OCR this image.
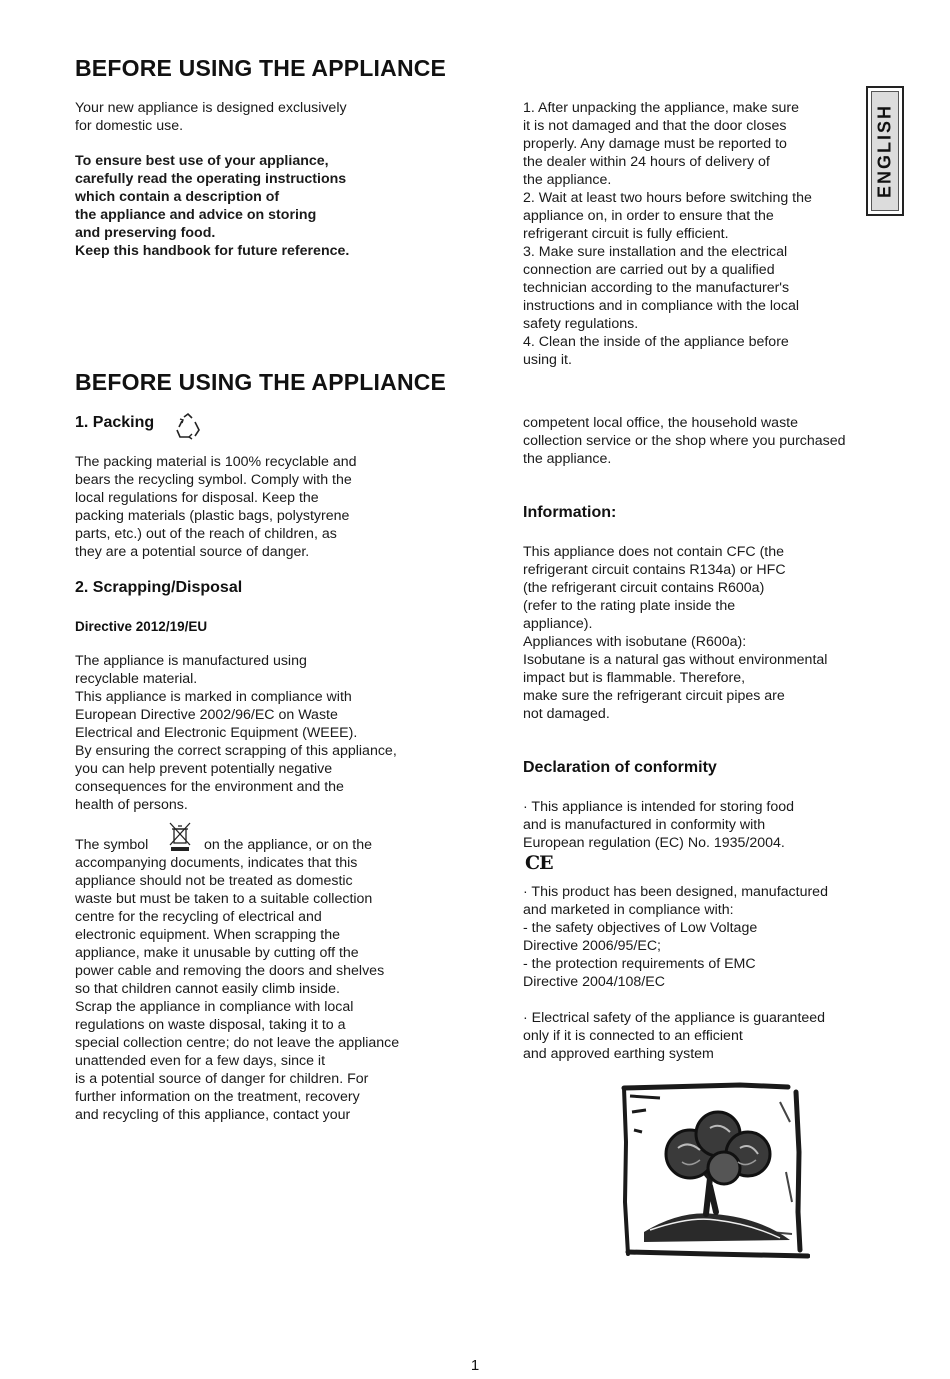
ENGLISH
BEFORE USING THE APPLIANCE
Your new appliance is designed exclusively
for domestic use.
To ensure best use of your appliance,
carefully read the operating instructions
which contain a description of
the appliance and advice on storing
and preserving food.
Keep this handbook for future reference.
1. After unpacking the appliance, make sure
it is not damaged and that the door closes
properly. Any damage must be reported to
the dealer within 24 hours of delivery of
the appliance.
2. Wait at least two hours before switching the
appliance on, in order to ensure that the
refrigerant circuit is fully efficient.
3. Make sure installation and the electrical
connection are carried out by a qualified
technician according to the manufacturer's
instructions and in compliance with the local
safety regulations.
4. Clean the inside of the appliance before
using it.
BEFORE USING THE APPLIANCE
1. Packing
The packing material is 100% recyclable and
bears the recycling symbol. Comply with the
local regulations for disposal. Keep the
packing materials (plastic bags, polystyrene
parts, etc.) out of the reach of children, as
they are a potential source of danger.
2. Scrapping/Disposal
Directive 2012/19/EU
The appliance is manufactured using
recyclable material.
This appliance is marked in compliance with
European Directive 2002/96/EC on Waste
Electrical and Electronic Equipment (WEEE).
By ensuring the correct scrapping of this appliance,
you can help prevent potentially negative
consequences for the environment and the
health of persons.
The symbol	on the appliance, or on the
accompanying documents, indicates that this
appliance should not be treated as domestic
waste but must be taken to a suitable collection
centre for the recycling of electrical and
electronic equipment. When scrapping the
appliance, make it unusable by cutting off the
power cable and removing the doors and shelves
so that children cannot easily climb inside.
Scrap the appliance in compliance with local
regulations on waste disposal, taking it to a
special collection centre; do not leave the appliance
unattended even for a few days, since it
is a potential source of danger for children. For
further information on the treatment, recovery
and recycling of this appliance, contact your
competent local office, the household waste
collection service or the shop where you purchased
the appliance.
Information:
This appliance does not contain CFC (the
refrigerant circuit contains R134a) or HFC
(the refrigerant circuit contains R600a)
(refer to the rating plate inside the
appliance).
Appliances with isobutane (R600a):
Isobutane is a natural gas without environmental
impact but is flammable. Therefore,
make sure the refrigerant circuit pipes are
not damaged.
Declaration of conformity
· This appliance is intended for storing food
and is manufactured in conformity with
European regulation (EC) No. 1935/2004.
CE
· This product has been designed, manufactured
and marketed in compliance with:
- the safety objectives of Low Voltage
Directive 2006/95/EC;
- the protection requirements of EMC
Directive 2004/108/EC
· Electrical safety of the appliance is guaranteed
only if it is connected to an efficient
and approved earthing system
1
